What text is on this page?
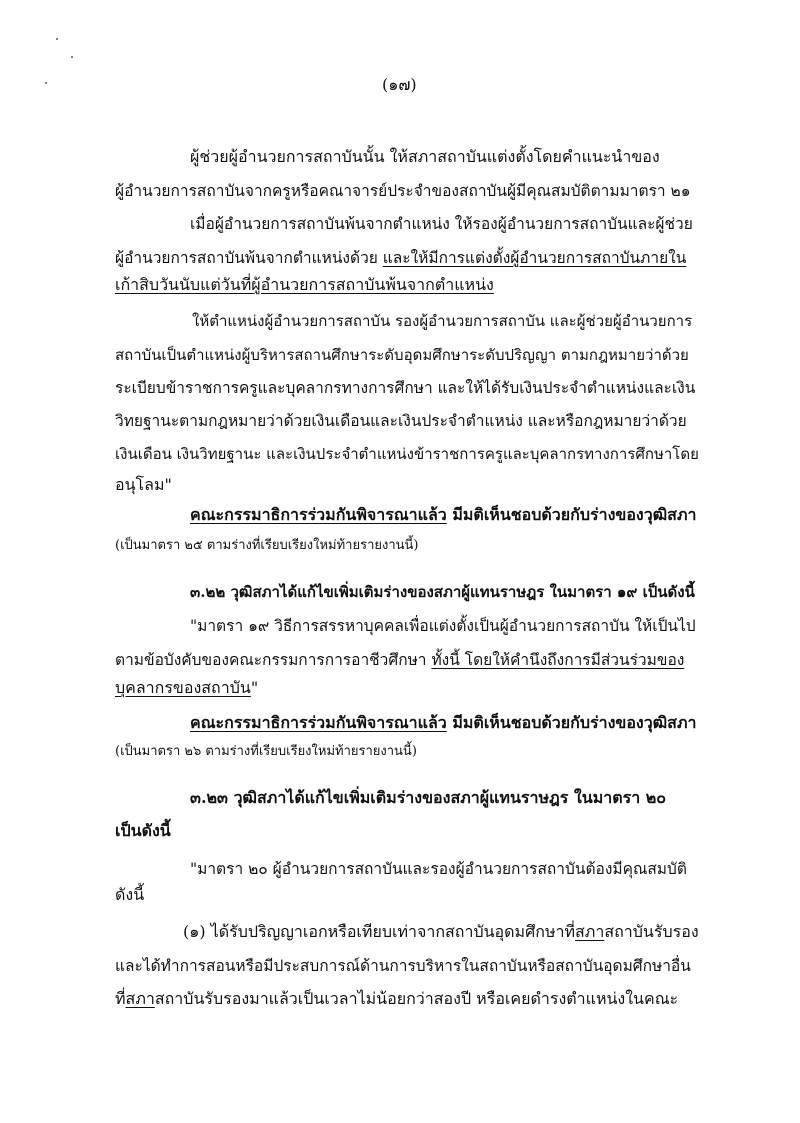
(๑๗)
ผู้ช่วยผู้อำนวยการสถาบันนั้น ให้สภาสถาบันแต่งตั้งโดยคำแนะนำของ
ผู้อำนวยการสถาบันจากครูหรือคณาจารย์ประจำของสถาบันผู้มีคุณสมบัติตามมาตรา ๒๑
เมื่อผู้อำนวยการสถาบันพ้นจากตำแหน่ง ให้รองผู้อำนวยการสถาบันและผู้ช่วย
ผู้อำนวยการสถาบันพ้นจากตำแหน่งด้วย และให้มีการแต่งตั้งผู้อำนวยการสถาบันภายใน
เก้าสิบวันนับแต่วันที่ผู้อำนวยการสถาบันพ้นจากตำแหน่ง
ให้ตำแหน่งผู้อำนวยการสถาบัน รองผู้อำนวยการสถาบัน และผู้ช่วยผู้อำนวยการ
สถาบันเป็นตำแหน่งผู้บริหารสถานศึกษาระดับอุดมศึกษาระดับปริญญา ตามกฎหมายว่าด้วย
ระเบียบข้าราชการครูและบุคลากรทางการศึกษา และให้ได้รับเงินประจำตำแหน่งและเงิน
วิทยฐานะตามกฎหมายว่าด้วยเงินเดือนและเงินประจำตำแหน่ง และหรือกฎหมายว่าด้วย
เงินเดือน เงินวิทยฐานะ และเงินประจำตำแหน่งข้าราชการครูและบุคลากรทางการศึกษาโดย
อนุโลม"
คณะกรรมาธิการร่วมกันพิจารณาแล้ว มีมติเห็นชอบด้วยกับร่างของวุฒิสภา
(เป็นมาตรา ๒๕ ตามร่างที่เรียบเรียงใหม่ท้ายรายงานนี้)
๓.๒๒ วุฒิสภาได้แก้ไขเพิ่มเติมร่างของสภาผู้แทนราษฎร ในมาตรา ๑๙ เป็นดังนี้
"มาตรา ๑๙ วิธีการสรรหาบุคคลเพื่อแต่งตั้งเป็นผู้อำนวยการสถาบัน ให้เป็นไป
ตามข้อบังคับของคณะกรรมการการอาชีวศึกษา ทั้งนี้ โดยให้คำนึงถึงการมีส่วนร่วมของ
บุคลากรของสถาบัน"
คณะกรรมาธิการร่วมกันพิจารณาแล้ว มีมติเห็นชอบด้วยกับร่างของวุฒิสภา
(เป็นมาตรา ๒๖ ตามร่างที่เรียบเรียงใหม่ท้ายรายงานนี้)
๓.๒๓ วุฒิสภาได้แก้ไขเพิ่มเติมร่างของสภาผู้แทนราษฎร ในมาตรา ๒๐
เป็นดังนี้
"มาตรา ๒๐ ผู้อำนวยการสถาบันและรองผู้อำนวยการสถาบันต้องมีคุณสมบัติ
ดังนี้
(๑) ได้รับปริญญาเอกหรือเทียบเท่าจากสถาบันอุดมศึกษาที่สภาสถาบันรับรอง
และได้ทำการสอนหรือมีประสบการณ์ด้านการบริหารในสถาบันหรือสถาบันอุดมศึกษาอื่น
ที่สภาสถาบันรับรองมาแล้วเป็นเวลาไม่น้อยกว่าสองปี หรือเคยดำรงตำแหน่งในคณะ
